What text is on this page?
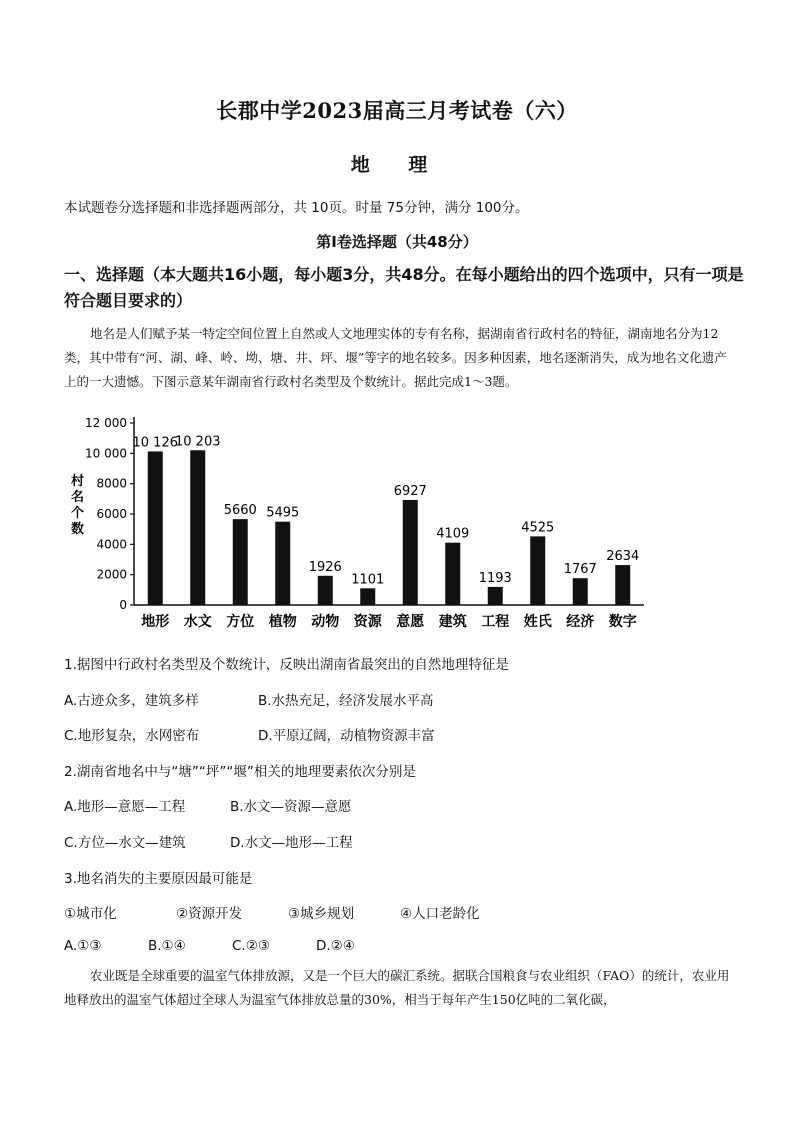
长郡中学2023届高三月考试卷（六）
地 理
本试题卷分选择题和非选择题两部分，共 10页。时量 75分钟，满分 100分。
第Ⅰ卷选择题（共48分）
一、选择题（本大题共16小题，每小题3分，共48分。在每小题给出的四个选项中，只有一项是符合题目要求的）
地名是人们赋予某一特定空间位置上自然或人文地理实体的专有名称，据湖南省行政村名的特征，湖南地名分为12类，其中带有“河、湖、峰、岭、坳、塘、井、坪、堰”等字的地名较多。因多种因素，地名逐渐消失，成为地名文化遗产上的一大遗憾。下图示意某年湖南省行政村名类型及个数统计。据此完成1～3题。
村名个数
10 126
地形
10 203
水文
5660
方位
5495
植物
1926
动物
1101
资源
6927
意愿
4109
建筑
1193
工程
4525
姓氏
1767
经济
2634
数字
0
2000
4000
6000
8000
10 000
12 000
1.据图中行政村名类型及个数统计，反映出湖南省最突出的自然地理特征是
A.古迹众多，建筑多样	B.水热充足，经济发展水平高
C.地形复杂，水网密布	D.平原辽阔，动植物资源丰富
2.湖南省地名中与“塘”“坪”“堰”相关的地理要素依次分别是
A.地形—意愿—工程	B.水文—资源—意愿
C.方位—水文—建筑	D.水文—地形—工程
3.地名消失的主要原因最可能是
①城市化	②资源开发	③城乡规划	④人口老龄化
A.①③	B.①④	C.②③	D.②④
农业既是全球重要的温室气体排放源，又是一个巨大的碳汇系统。据联合国粮食与农业组织（FAO）的统计，农业用地释放出的温室气体超过全球人为温室气体排放总量的30%，相当于每年产生150亿吨的二氧化碳，
